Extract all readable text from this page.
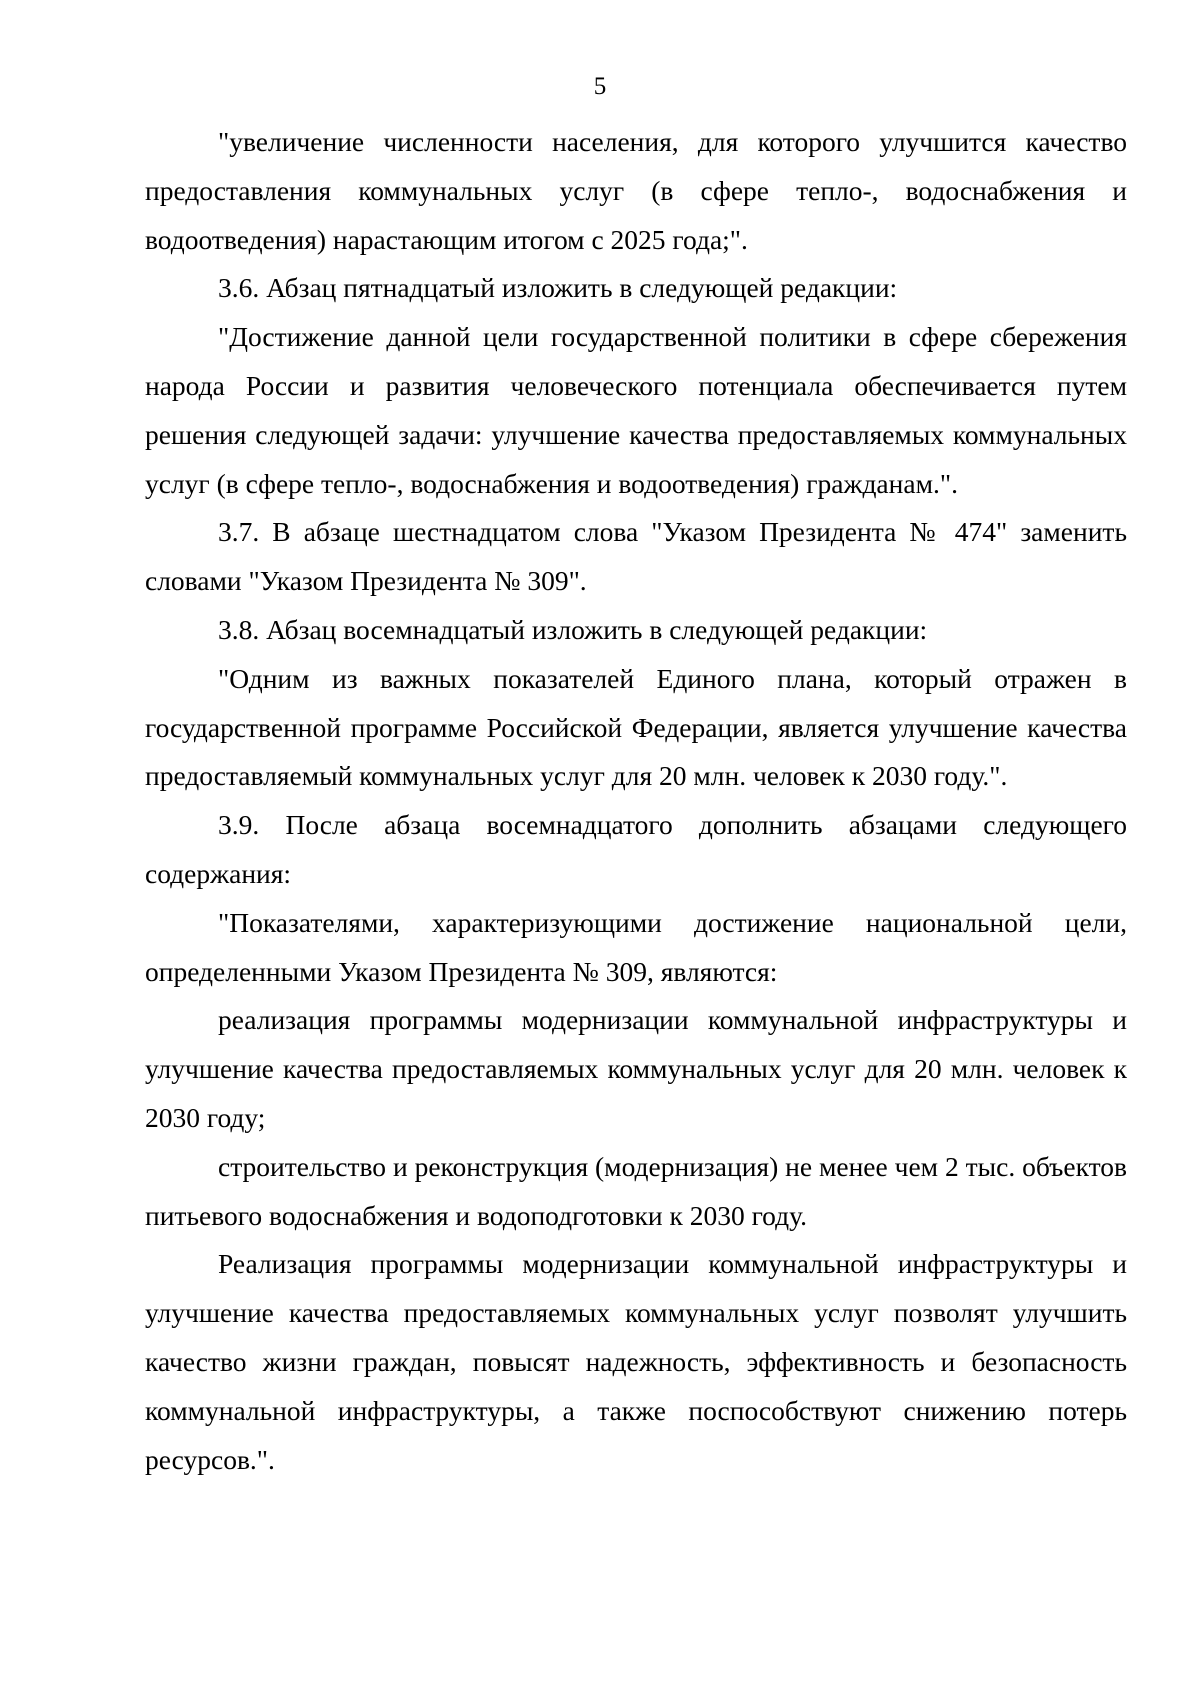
5

"увеличение численности населения, для которого улучшится качество предоставления коммунальных услуг (в сфере тепло-, водоснабжения и водоотведения) нарастающим итогом с 2025 года;".

3.6. Абзац пятнадцатый изложить в следующей редакции:

"Достижение данной цели государственной политики в сфере сбережения народа России и развития человеческого потенциала обеспечивается путем решения следующей задачи: улучшение качества предоставляемых коммунальных услуг (в сфере тепло-, водоснабжения и водоотведения) гражданам.".

3.7. В абзаце шестнадцатом слова "Указом Президента № 474" заменить словами "Указом Президента № 309".

3.8. Абзац восемнадцатый изложить в следующей редакции:

"Одним из важных показателей Единого плана, который отражен в государственной программе Российской Федерации, является улучшение качества предоставляемый коммунальных услуг для 20 млн. человек к 2030 году.".

3.9. После абзаца восемнадцатого дополнить абзацами следующего содержания:

"Показателями, характеризующими достижение национальной цели, определенными Указом Президента № 309, являются:

реализация программы модернизации коммунальной инфраструктуры и улучшение качества предоставляемых коммунальных услуг для 20 млн. человек к 2030 году;

строительство и реконструкция (модернизация) не менее чем 2 тыс. объектов питьевого водоснабжения и водоподготовки к 2030 году.

Реализация программы модернизации коммунальной инфраструктуры и улучшение качества предоставляемых коммунальных услуг позволят улучшить качество жизни граждан, повысят надежность, эффективность и безопасность коммунальной инфраструктуры, а также поспособствуют снижению потерь ресурсов.".
